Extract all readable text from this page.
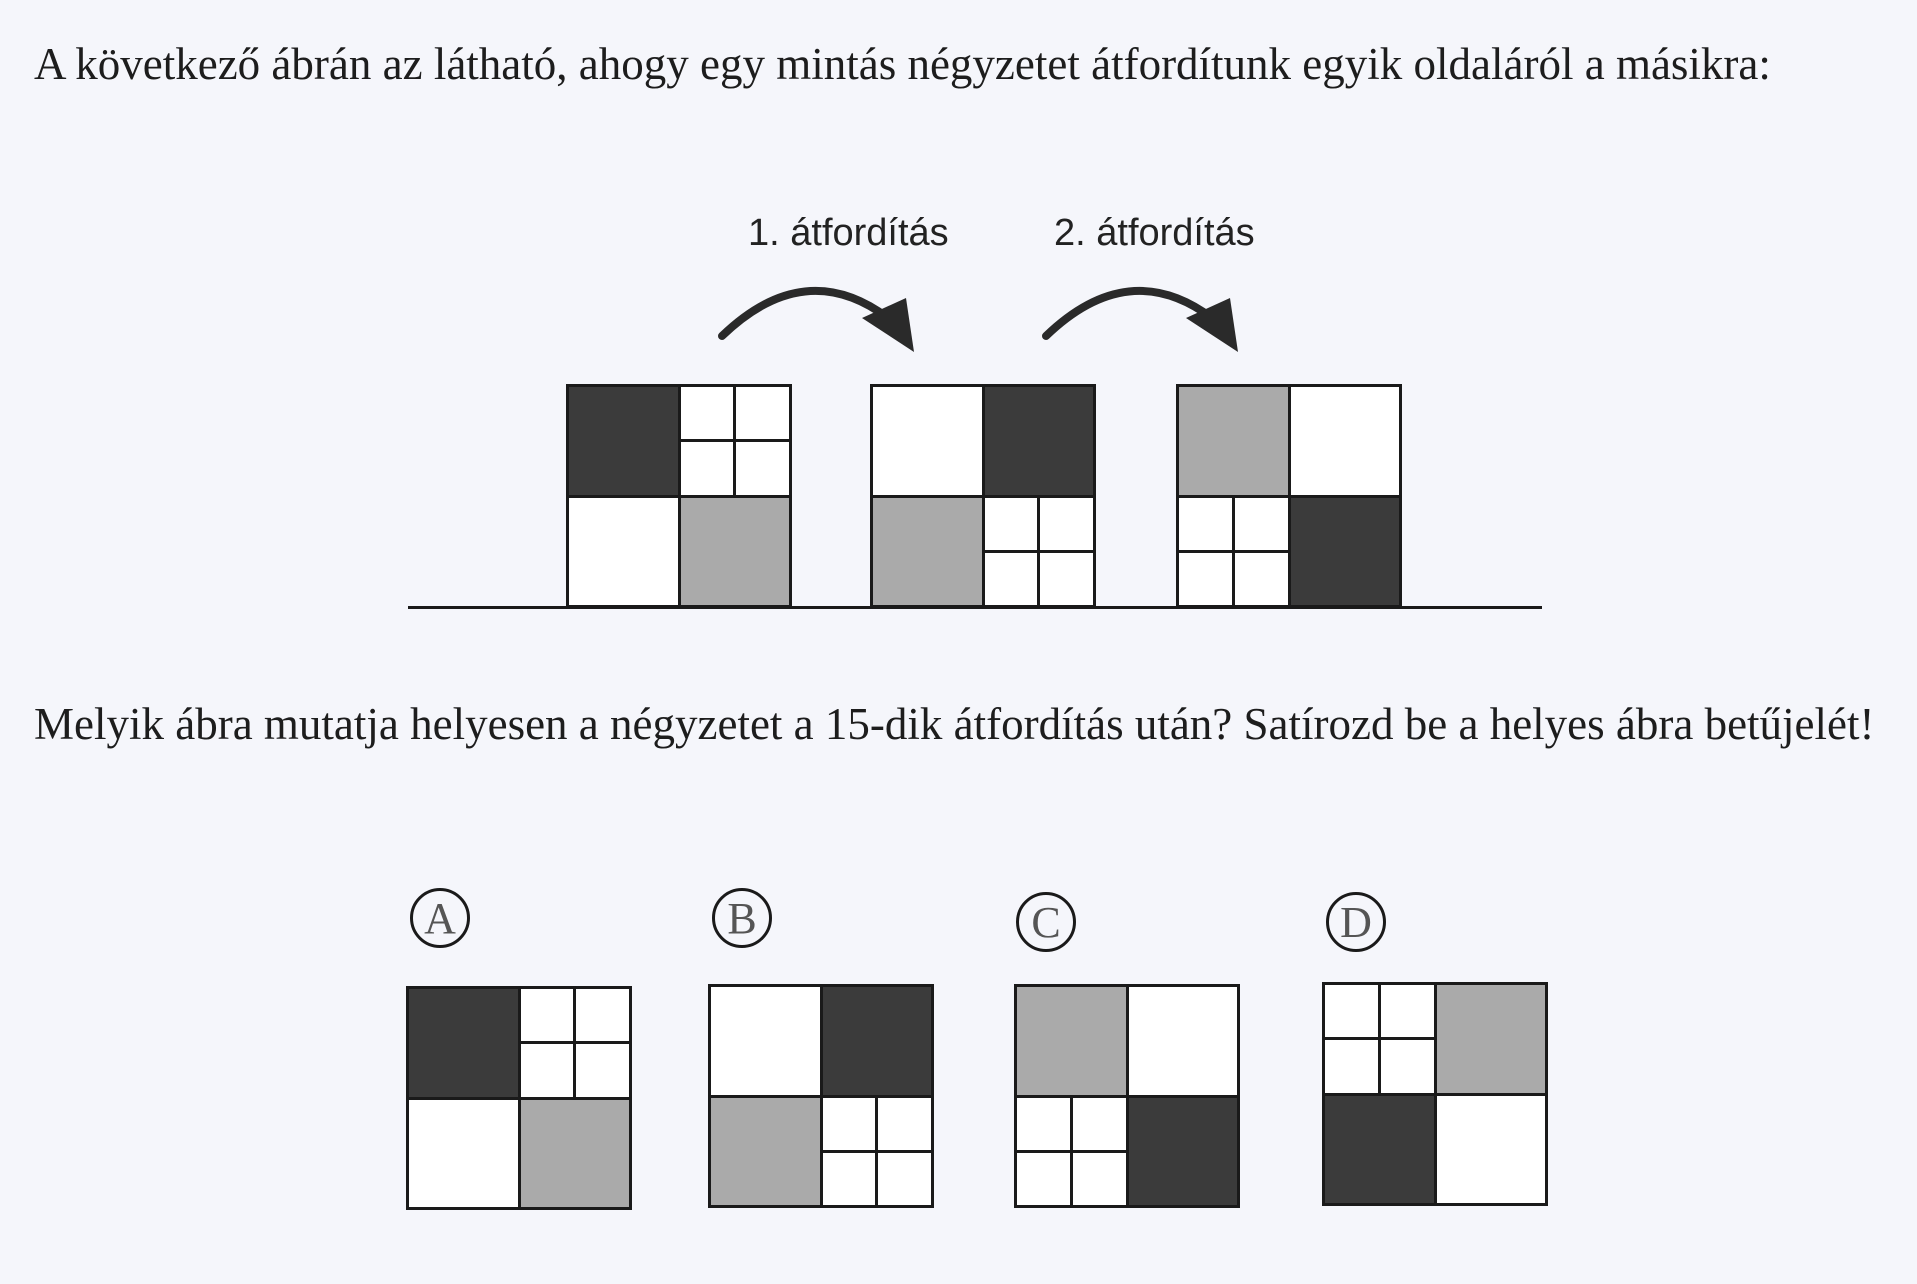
A következő ábrán az látható, ahogy egy mintás négyzetet átfordítunk egyik oldaláról a másikra:

1. átfordítás	2. átfordítás

Melyik ábra mutatja helyesen a négyzetet a 15-dik átfordítás után? Satírozd be a helyes ábra betűjelét!

A	B	C	D
